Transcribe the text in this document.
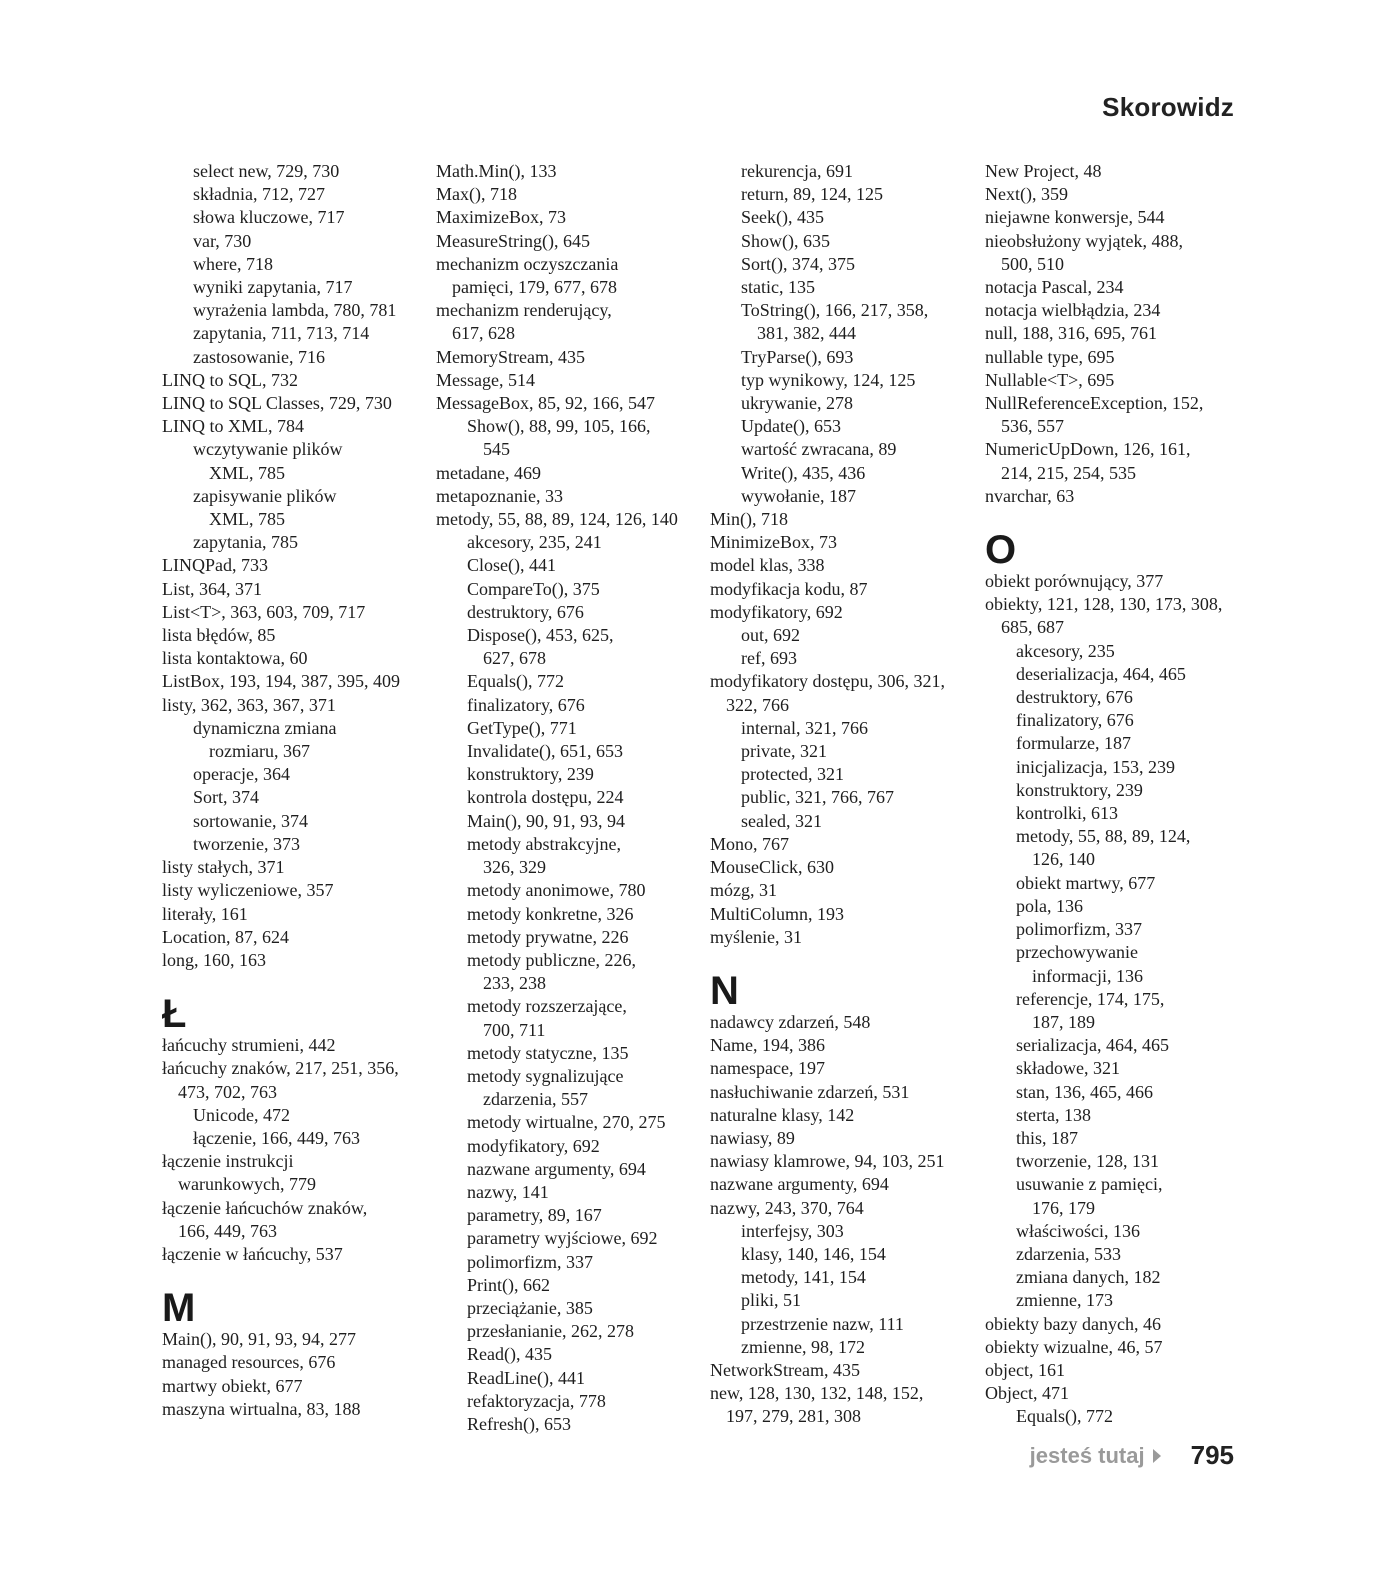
Skorowidz
select new, 729, 730
składnia, 712, 727
słowa kluczowe, 717
var, 730
where, 718
wyniki zapytania, 717
wyrażenia lambda, 780, 781
zapytania, 711, 713, 714
zastosowanie, 716
LINQ to SQL, 732
LINQ to SQL Classes, 729, 730
LINQ to XML, 784
wczytywanie plików
XML, 785
zapisywanie plików
XML, 785
zapytania, 785
LINQPad, 733
List, 364, 371
List<T>, 363, 603, 709, 717
lista błędów, 85
lista kontaktowa, 60
ListBox, 193, 194, 387, 395, 409
listy, 362, 363, 367, 371
dynamiczna zmiana
rozmiaru, 367
operacje, 364
Sort, 374
sortowanie, 374
tworzenie, 373
listy stałych, 371
listy wyliczeniowe, 357
literały, 161
Location, 87, 624
long, 160, 163
Ł
łańcuchy strumieni, 442
łańcuchy znaków, 217, 251, 356,
473, 702, 763
Unicode, 472
łączenie, 166, 449, 763
łączenie instrukcji
warunkowych, 779
łączenie łańcuchów znaków,
166, 449, 763
łączenie w łańcuchy, 537
M
Main(), 90, 91, 93, 94, 277
managed resources, 676
martwy obiekt, 677
maszyna wirtualna, 83, 188
Math.Min(), 133
Max(), 718
MaximizeBox, 73
MeasureString(), 645
mechanizm oczyszczania
pamięci, 179, 677, 678
mechanizm renderujący,
617, 628
MemoryStream, 435
Message, 514
MessageBox, 85, 92, 166, 547
Show(), 88, 99, 105, 166,
545
metadane, 469
metapoznanie, 33
metody, 55, 88, 89, 124, 126, 140
akcesory, 235, 241
Close(), 441
CompareTo(), 375
destruktory, 676
Dispose(), 453, 625,
627, 678
Equals(), 772
finalizatory, 676
GetType(), 771
Invalidate(), 651, 653
konstruktory, 239
kontrola dostępu, 224
Main(), 90, 91, 93, 94
metody abstrakcyjne,
326, 329
metody anonimowe, 780
metody konkretne, 326
metody prywatne, 226
metody publiczne, 226,
233, 238
metody rozszerzające,
700, 711
metody statyczne, 135
metody sygnalizujące
zdarzenia, 557
metody wirtualne, 270, 275
modyfikatory, 692
nazwane argumenty, 694
nazwy, 141
parametry, 89, 167
parametry wyjściowe, 692
polimorfizm, 337
Print(), 662
przeciążanie, 385
przesłanianie, 262, 278
Read(), 435
ReadLine(), 441
refaktoryzacja, 778
Refresh(), 653
rekurencja, 691
return, 89, 124, 125
Seek(), 435
Show(), 635
Sort(), 374, 375
static, 135
ToString(), 166, 217, 358,
381, 382, 444
TryParse(), 693
typ wynikowy, 124, 125
ukrywanie, 278
Update(), 653
wartość zwracana, 89
Write(), 435, 436
wywołanie, 187
Min(), 718
MinimizeBox, 73
model klas, 338
modyfikacja kodu, 87
modyfikatory, 692
out, 692
ref, 693
modyfikatory dostępu, 306, 321,
322, 766
internal, 321, 766
private, 321
protected, 321
public, 321, 766, 767
sealed, 321
Mono, 767
MouseClick, 630
mózg, 31
MultiColumn, 193
myślenie, 31
N
nadawcy zdarzeń, 548
Name, 194, 386
namespace, 197
nasłuchiwanie zdarzeń, 531
naturalne klasy, 142
nawiasy, 89
nawiasy klamrowe, 94, 103, 251
nazwane argumenty, 694
nazwy, 243, 370, 764
interfejsy, 303
klasy, 140, 146, 154
metody, 141, 154
pliki, 51
przestrzenie nazw, 111
zmienne, 98, 172
NetworkStream, 435
new, 128, 130, 132, 148, 152,
197, 279, 281, 308
New Project, 48
Next(), 359
niejawne konwersje, 544
nieobsłużony wyjątek, 488,
500, 510
notacja Pascal, 234
notacja wielbłądzia, 234
null, 188, 316, 695, 761
nullable type, 695
Nullable<T>, 695
NullReferenceException, 152,
536, 557
NumericUpDown, 126, 161,
214, 215, 254, 535
nvarchar, 63
O
obiekt porównujący, 377
obiekty, 121, 128, 130, 173, 308,
685, 687
akcesory, 235
deserializacja, 464, 465
destruktory, 676
finalizatory, 676
formularze, 187
inicjalizacja, 153, 239
konstruktory, 239
kontrolki, 613
metody, 55, 88, 89, 124,
126, 140
obiekt martwy, 677
pola, 136
polimorfizm, 337
przechowywanie
informacji, 136
referencje, 174, 175,
187, 189
serializacja, 464, 465
składowe, 321
stan, 136, 465, 466
sterta, 138
this, 187
tworzenie, 128, 131
usuwanie z pamięci,
176, 179
właściwości, 136
zdarzenia, 533
zmiana danych, 182
zmienne, 173
obiekty bazy danych, 46
obiekty wizualne, 46, 57
object, 161
Object, 471
Equals(), 772
jesteś tutaj 795
